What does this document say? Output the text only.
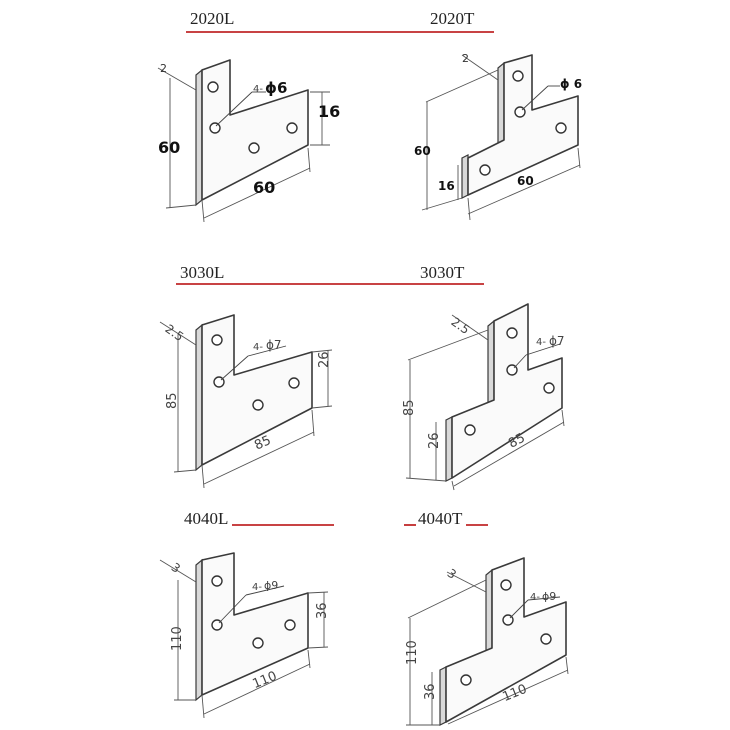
2020L	2020T
2
4- ϕ6
16
60
60
2
ϕ 6
60
16	60
3030L	3030T
2.5
4- ϕ7
85
26
85
2.5
4- ϕ7
85
26	85
4040L	4040T
3
4- ϕ9
110
36
110
3
4- ϕ9
110
36	110
